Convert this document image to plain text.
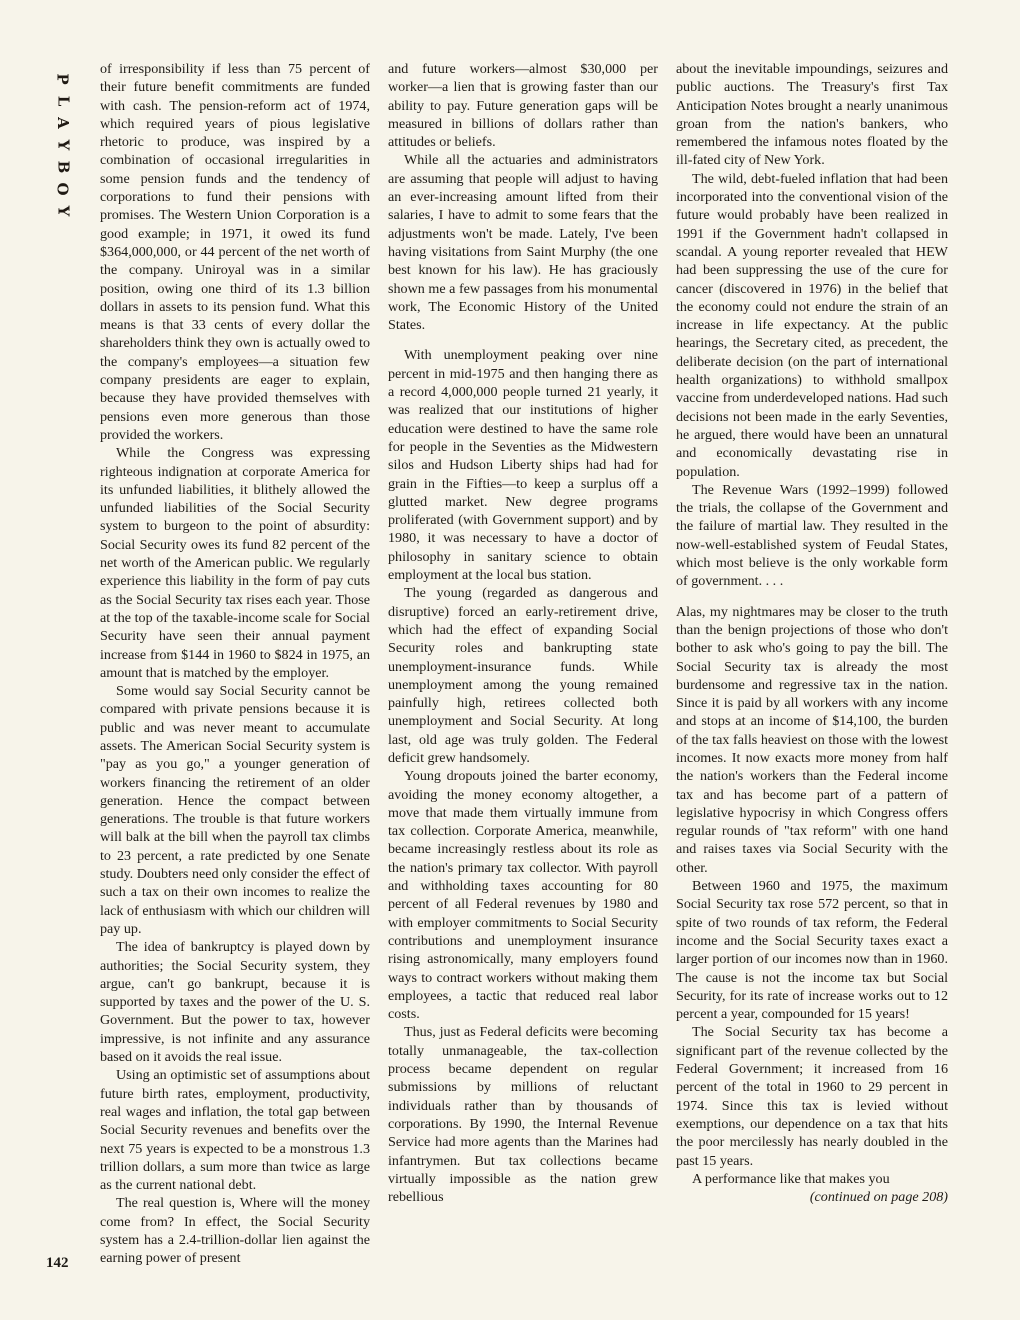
P
L
A
Y
B
O
Y

of irresponsibility if less than 75 percent of their future benefit commitments are funded with cash. The pension-reform act of 1974, which required years of pious legislative rhetoric to produce, was inspired by a combination of occasional irregularities in some pension funds and the tendency of corporations to fund their pensions with promises. The Western Union Corporation is a good example; in 1971, it owed its fund $364,000,000, or 44 percent of the net worth of the company. Uniroyal was in a similar position, owing one third of its 1.3 billion dollars in assets to its pension fund. What this means is that 33 cents of every dollar the shareholders think they own is actually owed to the company's employees—a situation few company presidents are eager to explain, because they have provided themselves with pensions even more generous than those provided the workers.

While the Congress was expressing righteous indignation at corporate America for its unfunded liabilities, it blithely allowed the unfunded liabilities of the Social Security system to burgeon to the point of absurdity: Social Security owes its fund 82 percent of the net worth of the American public. We regularly experience this liability in the form of pay cuts as the Social Security tax rises each year. Those at the top of the taxable-income scale for Social Security have seen their annual payment increase from $144 in 1960 to $824 in 1975, an amount that is matched by the employer.

Some would say Social Security cannot be compared with private pensions because it is public and was never meant to accumulate assets. The American Social Security system is "pay as you go," a younger generation of workers financing the retirement of an older generation. Hence the compact between generations. The trouble is that future workers will balk at the bill when the payroll tax climbs to 23 percent, a rate predicted by one Senate study. Doubters need only consider the effect of such a tax on their own incomes to realize the lack of enthusiasm with which our children will pay up.

The idea of bankruptcy is played down by authorities; the Social Security system, they argue, can't go bankrupt, because it is supported by taxes and the power of the U. S. Government. But the power to tax, however impressive, is not infinite and any assurance based on it avoids the real issue.

Using an optimistic set of assumptions about future birth rates, employment, productivity, real wages and inflation, the total gap between Social Security revenues and benefits over the next 75 years is expected to be a monstrous 1.3 trillion dollars, a sum more than twice as large as the current national debt.

The real question is, Where will the money come from? In effect, the Social Security system has a 2.4-trillion-dollar lien against the earning power of present

and future workers—almost $30,000 per worker—a lien that is growing faster than our ability to pay. Future generation gaps will be measured in billions of dollars rather than attitudes or beliefs.

While all the actuaries and administrators are assuming that people will adjust to having an ever-increasing amount lifted from their salaries, I have to admit to some fears that the adjustments won't be made. Lately, I've been having visitations from Saint Murphy (the one best known for his law). He has graciously shown me a few passages from his monumental work, The Economic History of the United States.

With unemployment peaking over nine percent in mid-1975 and then hanging there as a record 4,000,000 people turned 21 yearly, it was realized that our institutions of higher education were destined to have the same role for people in the Seventies as the Midwestern silos and Hudson Liberty ships had had for grain in the Fifties—to keep a surplus off a glutted market. New degree programs proliferated (with Government support) and by 1980, it was necessary to have a doctor of philosophy in sanitary science to obtain employment at the local bus station.

The young (regarded as dangerous and disruptive) forced an early-retirement drive, which had the effect of expanding Social Security roles and bankrupting state unemployment-insurance funds. While unemployment among the young remained painfully high, retirees collected both unemployment and Social Security. At long last, old age was truly golden. The Federal deficit grew handsomely.

Young dropouts joined the barter economy, avoiding the money economy altogether, a move that made them virtually immune from tax collection. Corporate America, meanwhile, became increasingly restless about its role as the nation's primary tax collector. With payroll and withholding taxes accounting for 80 percent of all Federal revenues by 1980 and with employer commitments to Social Security contributions and unemployment insurance rising astronomically, many employers found ways to contract workers without making them employees, a tactic that reduced real labor costs.

Thus, just as Federal deficits were becoming totally unmanageable, the tax-collection process became dependent on regular submissions by millions of reluctant individuals rather than by thousands of corporations. By 1990, the Internal Revenue Service had more agents than the Marines had infantrymen. But tax collections became virtually impossible as the nation grew rebellious

about the inevitable impoundings, seizures and public auctions. The Treasury's first Tax Anticipation Notes brought a nearly unanimous groan from the nation's bankers, who remembered the infamous notes floated by the ill-fated city of New York.

The wild, debt-fueled inflation that had been incorporated into the conventional vision of the future would probably have been realized in 1991 if the Government hadn't collapsed in scandal. A young reporter revealed that HEW had been suppressing the use of the cure for cancer (discovered in 1976) in the belief that the economy could not endure the strain of an increase in life expectancy. At the public hearings, the Secretary cited, as precedent, the deliberate decision (on the part of international health organizations) to withhold smallpox vaccine from underdeveloped nations. Had such decisions not been made in the early Seventies, he argued, there would have been an unnatural and economically devastating rise in population.

The Revenue Wars (1992–1999) followed the trials, the collapse of the Government and the failure of martial law. They resulted in the now-well-established system of Feudal States, which most believe is the only workable form of government. . . .

Alas, my nightmares may be closer to the truth than the benign projections of those who don't bother to ask who's going to pay the bill. The Social Security tax is already the most burdensome and regressive tax in the nation. Since it is paid by all workers with any income and stops at an income of $14,100, the burden of the tax falls heaviest on those with the lowest incomes. It now exacts more money from half the nation's workers than the Federal income tax and has become part of a pattern of legislative hypocrisy in which Congress offers regular rounds of "tax reform" with one hand and raises taxes via Social Security with the other.

Between 1960 and 1975, the maximum Social Security tax rose 572 percent, so that in spite of two rounds of tax reform, the Federal income and the Social Security taxes exact a larger portion of our incomes now than in 1960. The cause is not the income tax but Social Security, for its rate of increase works out to 12 percent a year, compounded for 15 years!

The Social Security tax has become a significant part of the revenue collected by the Federal Government; it increased from 16 percent of the total in 1960 to 29 percent in 1974. Since this tax is levied without exemptions, our dependence on a tax that hits the poor mercilessly has nearly doubled in the past 15 years.

A performance like that makes you

(continued on page 208)

142
